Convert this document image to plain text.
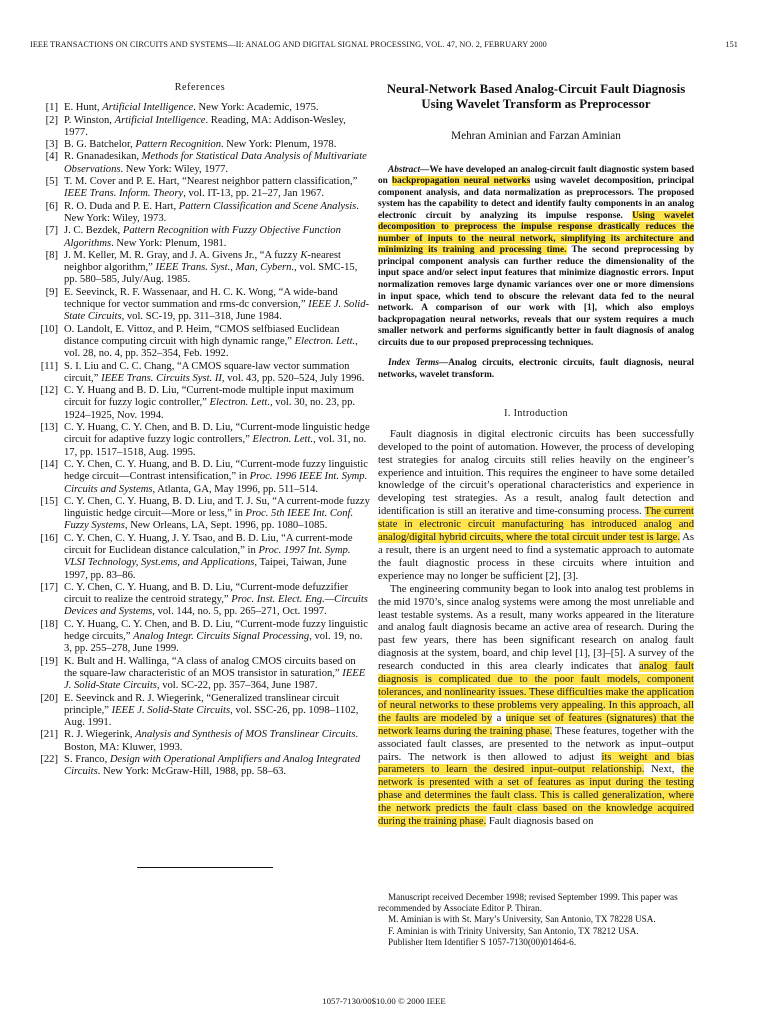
IEEE TRANSACTIONS ON CIRCUITS AND SYSTEMS—II: ANALOG AND DIGITAL SIGNAL PROCESSING, VOL. 47, NO. 2, FEBRUARY 2000	151
References
[1] E. Hunt, Artificial Intelligence. New York: Academic, 1975.
[2] P. Winston, Artificial Intelligence. Reading, MA: Addison-Wesley, 1977.
[3] B. G. Batchelor, Pattern Recognition. New York: Plenum, 1978.
[4] R. Gnanadesikan, Methods for Statistical Data Analysis of Multivariate Observations. New York: Wiley, 1977.
[5] T. M. Cover and P. E. Hart, “Nearest neighbor pattern classification,” IEEE Trans. Inform. Theory, vol. IT-13, pp. 21–27, Jan 1967.
[6] R. O. Duda and P. E. Hart, Pattern Classification and Scene Analysis. New York: Wiley, 1973.
[7] J. C. Bezdek, Pattern Recognition with Fuzzy Objective Function Algorithms. New York: Plenum, 1981.
[8] J. M. Keller, M. R. Gray, and J. A. Givens Jr., “A fuzzy K-nearest neighbor algorithm,” IEEE Trans. Syst., Man, Cybern., vol. SMC-15, pp. 580–585, July/Aug. 1985.
[9] E. Seevinck, R. F. Wassenaar, and H. C. K. Wong, “A wide-band technique for vector summation and rms-dc conversion,” IEEE J. Solid-State Circuits, vol. SC-19, pp. 311–318, June 1984.
[10] O. Landolt, E. Vittoz, and P. Heim, “CMOS selfbiased Euclidean distance computing circuit with high dynamic range,” Electron. Lett., vol. 28, no. 4, pp. 352–354, Feb. 1992.
[11] S. I. Liu and C. C. Chang, “A CMOS square-law vector summation circuit,” IEEE Trans. Circuits Syst. II, vol. 43, pp. 520–524, July 1996.
[12] C. Y. Huang and B. D. Liu, “Current-mode multiple input maximum circuit for fuzzy logic controller,” Electron. Lett., vol. 30, no. 23, pp. 1924–1925, Nov. 1994.
[13] C. Y. Huang, C. Y. Chen, and B. D. Liu, “Current-mode linguistic hedge circuit for adaptive fuzzy logic controllers,” Electron. Lett., vol. 31, no. 17, pp. 1517–1518, Aug. 1995.
[14] C. Y. Chen, C. Y. Huang, and B. D. Liu, “Current-mode fuzzy linguistic hedge circuit—Contrast intensification,” in Proc. 1996 IEEE Int. Symp. Circuits and Systems, Atlanta, GA, May 1996, pp. 511–514.
[15] C. Y. Chen, C. Y. Huang, B. D. Liu, and T. J. Su, “A current-mode fuzzy linguistic hedge circuit—More or less,” in Proc. 5th IEEE Int. Conf. Fuzzy Systems, New Orleans, LA, Sept. 1996, pp. 1080–1085.
[16] C. Y. Chen, C. Y. Huang, J. Y. Tsao, and B. D. Liu, “A current-mode circuit for Euclidean distance calculation,” in Proc. 1997 Int. Symp. VLSI Technology, Syst.ems, and Applications, Taipei, Taiwan, June 1997, pp. 83–86.
[17] C. Y. Chen, C. Y. Huang, and B. D. Liu, “Current-mode defuzzifier circuit to realize the centroid strategy,” Proc. Inst. Elect. Eng.—Circuits Devices and Systems, vol. 144, no. 5, pp. 265–271, Oct. 1997.
[18] C. Y. Huang, C. Y. Chen, and B. D. Liu, “Current-mode fuzzy linguistic hedge circuits,” Analog Integr. Circuits Signal Processing, vol. 19, no. 3, pp. 255–278, June 1999.
[19] K. Bult and H. Wallinga, “A class of analog CMOS circuits based on the square-law characteristic of an MOS transistor in saturation,” IEEE J. Solid-State Circuits, vol. SC-22, pp. 357–364, June 1987.
[20] E. Seevinck and R. J. Wiegerink, “Generalized translinear circuit principle,” IEEE J. Solid-State Circuits, vol. SSC-26, pp. 1098–1102, Aug. 1991.
[21] R. J. Wiegerink, Analysis and Synthesis of MOS Translinear Circuits. Boston, MA: Kluwer, 1993.
[22] S. Franco, Design with Operational Amplifiers and Analog Integrated Circuits. New York: McGraw-Hill, 1988, pp. 58–63.

Neural-Network Based Analog-Circuit Fault Diagnosis
Using Wavelet Transform as Preprocessor

Mehran Aminian and Farzan Aminian

Abstract—We have developed an analog-circuit fault diagnostic system based on backpropagation neural networks using wavelet decomposition, principal component analysis, and data normalization as preprocessors. The proposed system has the capability to detect and identify faulty components in an analog electronic circuit by analyzing its impulse response. Using wavelet decomposition to preprocess the impulse response drastically reduces the number of inputs to the neural network, simplifying its architecture and minimizing its training and processing time. The second preprocessing by principal component analysis can further reduce the dimensionality of the input space and/or select input features that minimize diagnostic errors. Input normalization removes large dynamic variances over one or more dimensions in input space, which tend to obscure the relevant data fed to the neural network. A comparison of our work with [1], which also employs backpropagation neural networks, reveals that our system requires a much smaller network and performs significantly better in fault diagnosis of analog circuits due to our proposed preprocessing techniques.

Index Terms—Analog circuits, electronic circuits, fault diagnosis, neural networks, wavelet transform.

I. Introduction

Fault diagnosis in digital electronic circuits has been successfully developed to the point of automation. However, the process of developing test strategies for analog circuits still relies heavily on the engineer’s experience and intuition. This requires the engineer to have some detailed knowledge of the circuit’s operational characteristics and experience in developing test strategies. As a result, analog fault detection and identification is still an iterative and time-consuming process. The current state in electronic circuit manufacturing has introduced analog and analog/digital hybrid circuits, where the total circuit under test is large. As a result, there is an urgent need to find a systematic approach to automate the fault diagnostic process in these circuits where intuition and experience may no longer be sufficient [2], [3].

The engineering community began to look into analog test problems in the mid 1970’s, since analog systems were among the most unreliable and least testable systems. As a result, many works appeared in the literature and analog fault diagnosis became an active area of research. During the past few years, there has been significant research on analog fault diagnosis at the system, board, and chip level [1], [3]–[5]. A survey of the research conducted in this area clearly indicates that analog fault diagnosis is complicated due to the poor fault models, component tolerances, and nonlinearity issues. These difficulties make the application of neural networks to these problems very appealing. In this approach, all the faults are modeled by a unique set of features (signatures) that the network learns during the training phase. These features, together with the associated fault classes, are presented to the network as input–output pairs. The network is then allowed to adjust its weight and bias parameters to learn the desired input–output relationship. Next, the network is presented with a set of features as input during the testing phase and determines the fault class. This is called generalization, where the network predicts the fault class based on the knowledge acquired during the training phase. Fault diagnosis based on

Manuscript received December 1998; revised September 1999. This paper was recommended by Associate Editor P. Thiran.

M. Aminian is with St. Mary’s University, San Antonio, TX 78228 USA.

F. Aminian is with Trinity University, San Antonio, TX 78212 USA.

Publisher Item Identifier S 1057-7130(00)01464-6.

1057-7130/00$10.00 © 2000 IEEE
